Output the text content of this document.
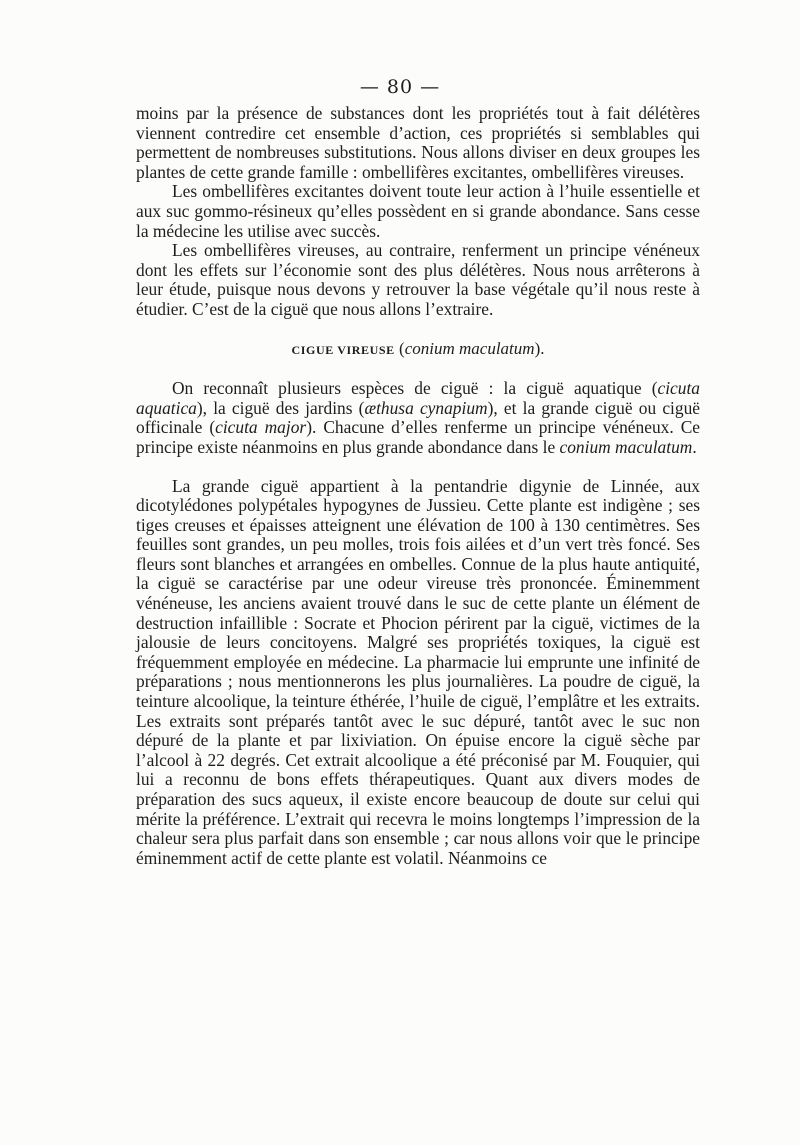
— 80 —

moins par la présence de substances dont les propriétés tout à fait délétères viennent contredire cet ensemble d’action, ces propriétés si semblables qui permettent de nombreuses substitutions. Nous allons diviser en deux groupes les plantes de cette grande famille : ombellifères excitantes, ombellifères vireuses.

Les ombellifères excitantes doivent toute leur action à l’huile essentielle et aux suc gommo-résineux qu’elles possèdent en si grande abondance. Sans cesse la médecine les utilise avec succès.

Les ombellifères vireuses, au contraire, renferment un principe vénéneux dont les effets sur l’économie sont des plus délétères. Nous nous arrêterons à leur étude, puisque nous devons y retrouver la base végétale qu’il nous reste à étudier. C’est de la ciguë que nous allons l’extraire.

CIGUE VIREUSE (conium maculatum).

On reconnaît plusieurs espèces de ciguë : la ciguë aquatique (cicuta aquatica), la ciguë des jardins (æthusa cynapium), et la grande ciguë ou ciguë officinale (cicuta major). Chacune d’elles renferme un principe vénéneux. Ce principe existe néanmoins en plus grande abondance dans le conium maculatum.

La grande ciguë appartient à la pentandrie digynie de Linnée, aux dicotylédones polypétales hypogynes de Jussieu. Cette plante est indigène ; ses tiges creuses et épaisses atteignent une élévation de 100 à 130 centimètres. Ses feuilles sont grandes, un peu molles, trois fois ailées et d’un vert très foncé. Ses fleurs sont blanches et arrangées en ombelles. Connue de la plus haute antiquité, la ciguë se caractérise par une odeur vireuse très prononcée. Éminemment vénéneuse, les anciens avaient trouvé dans le suc de cette plante un élément de destruction infaillible : Socrate et Phocion périrent par la ciguë, victimes de la jalousie de leurs concitoyens. Malgré ses propriétés toxiques, la ciguë est fréquemment employée en médecine. La pharmacie lui emprunte une infinité de préparations ; nous mentionnerons les plus journalières. La poudre de ciguë, la teinture alcoolique, la teinture éthérée, l’huile de ciguë, l’emplâtre et les extraits. Les extraits sont préparés tantôt avec le suc dépuré, tantôt avec le suc non dépuré de la plante et par lixiviation. On épuise encore la ciguë sèche par l’alcool à 22 degrés. Cet extrait alcoolique a été préconisé par M. Fouquier, qui lui a reconnu de bons effets thérapeutiques. Quant aux divers modes de préparation des sucs aqueux, il existe encore beaucoup de doute sur celui qui mérite la préférence. L’extrait qui recevra le moins longtemps l’impression de la chaleur sera plus parfait dans son ensemble ; car nous allons voir que le principe éminemment actif de cette plante est volatil. Néanmoins ce
